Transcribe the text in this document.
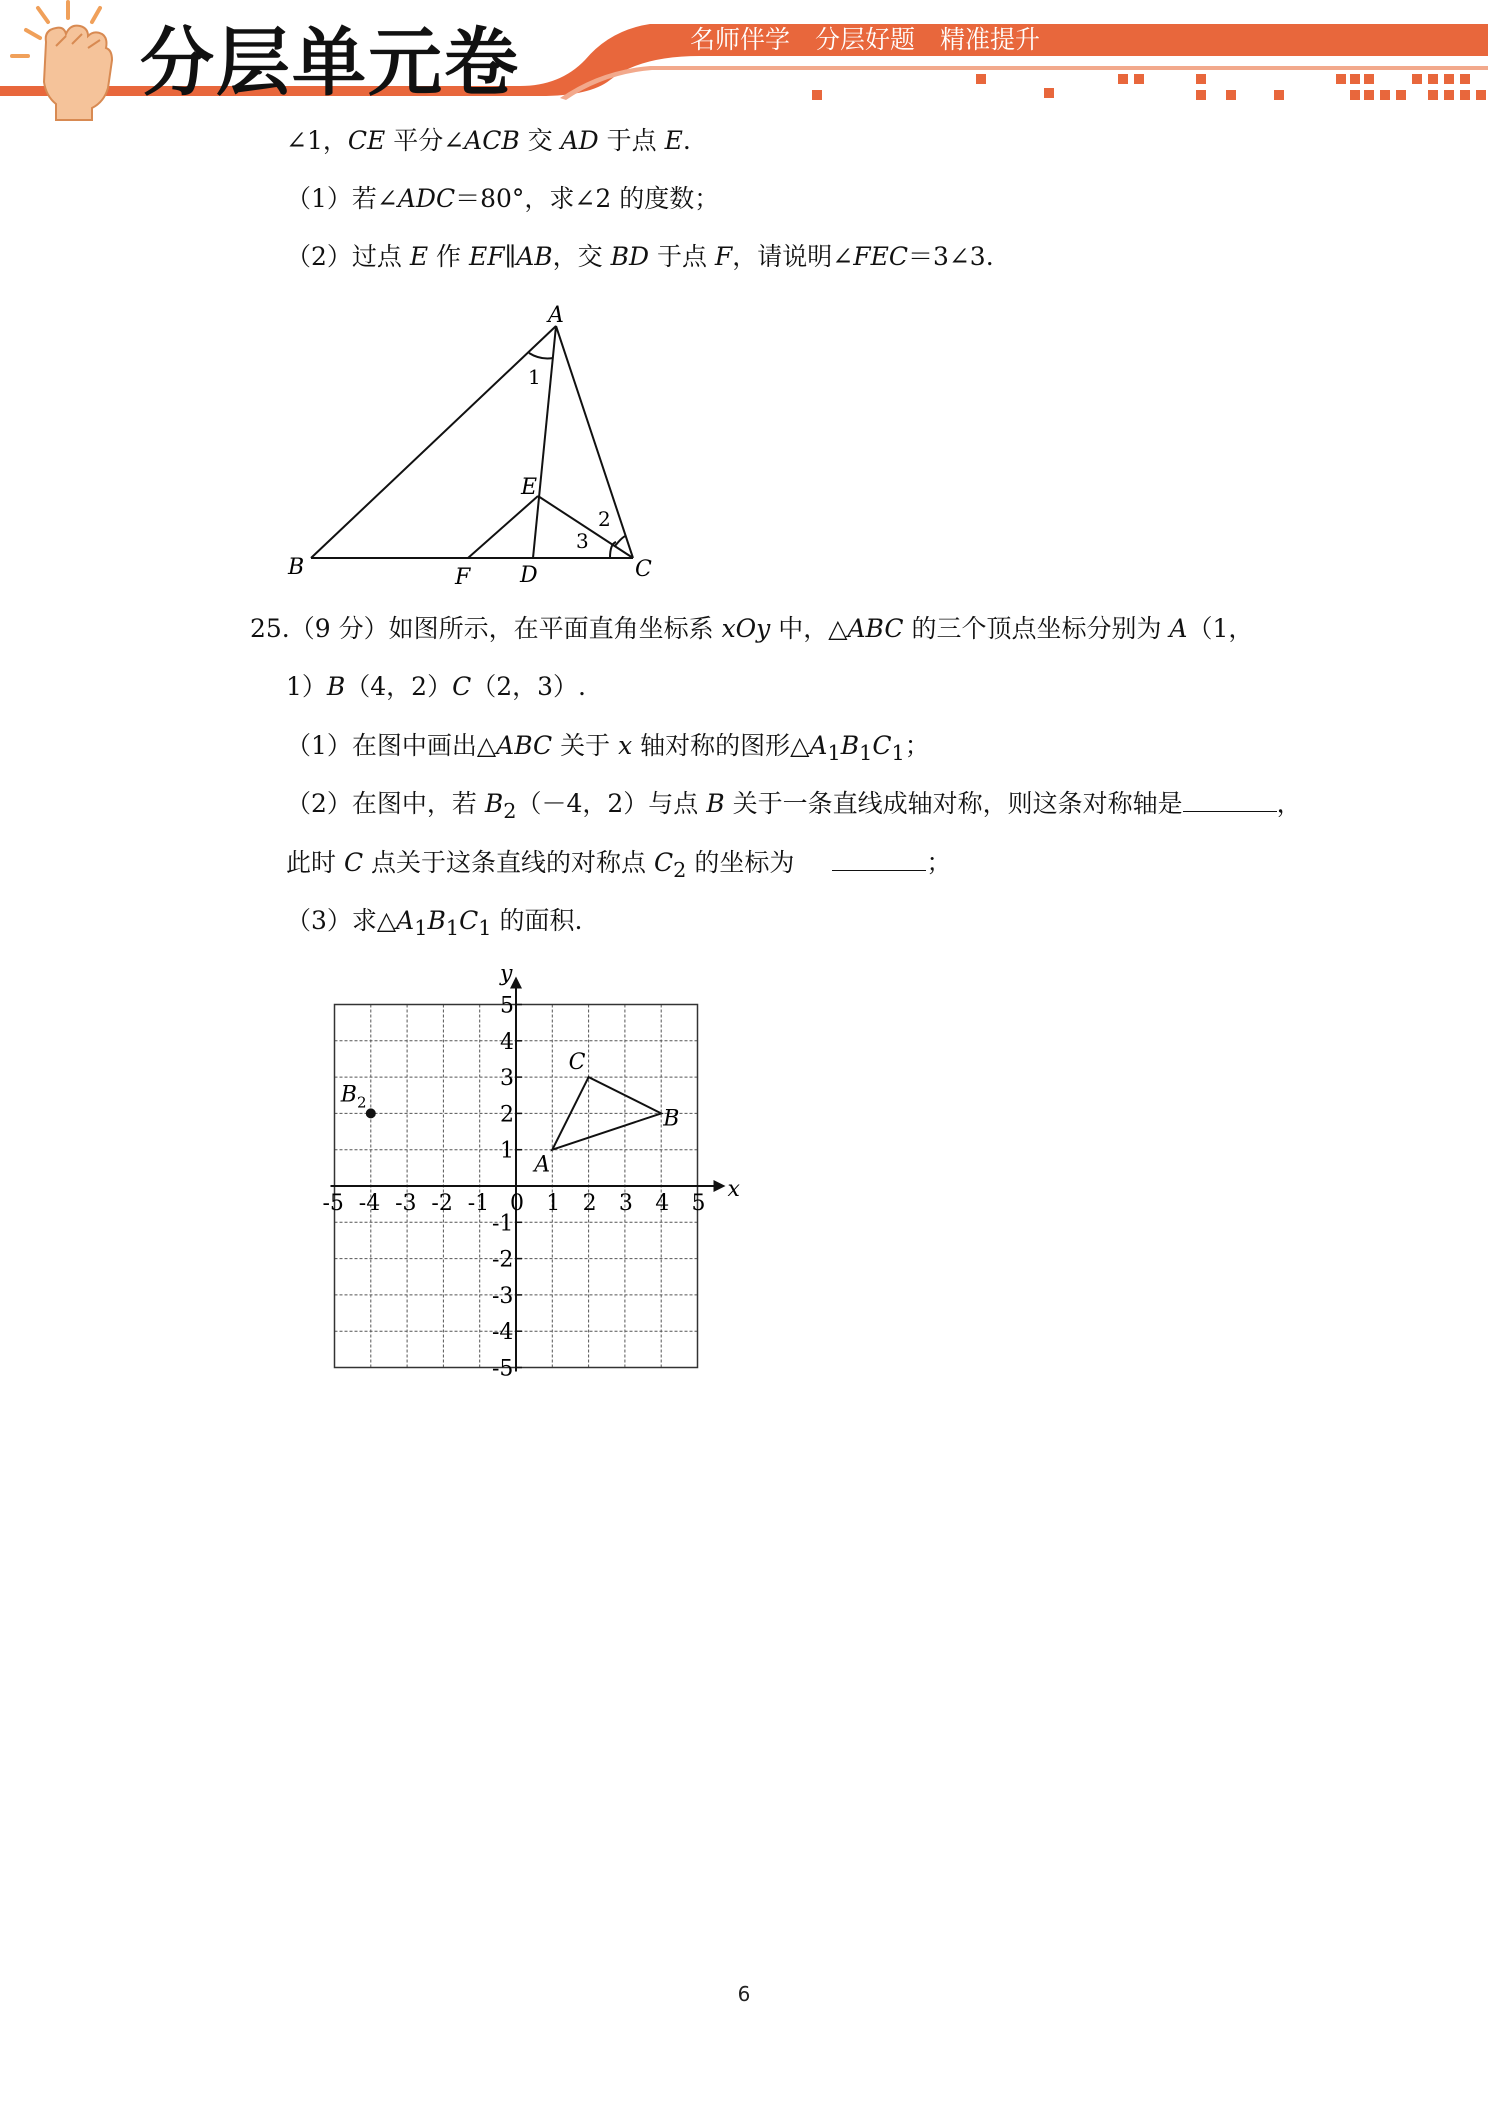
分层单元卷	名师伴学　分层好题　精准提升
∠1，CE 平分∠ACB 交 AD 于点 E.
（1）若∠ADC＝80°，求∠2 的度数；
（2）过点 E 作 EF∥AB，交 BD 于点 F，请说明∠FEC＝3∠3.
A
B	C
D
E
F
1
2
3
25.（9 分）如图所示，在平面直角坐标系 xOy 中，△ABC 的三个顶点坐标分别为 A（1，
1）B（4，2）C（2，3）.
（1）在图中画出△ABC 关于 x 轴对称的图形$\triangle A_1B_1C_1$；
（2）在图中，若 $B_2(-4$，2）与点 B 关于一条直线成轴对称，则这条对称轴是	，
此时 C 点关于这条直线的对称点 $C_2$ 的坐标为	；
（3）求$\triangle A_1B_1C_1$ 的面积.
x
y
-5 -4 -3 -2 -1 0 1 2 3 4 5
5
4
3
2
1
-1
-2
-3
-4
-5
A
B
C
$B_2$
6
